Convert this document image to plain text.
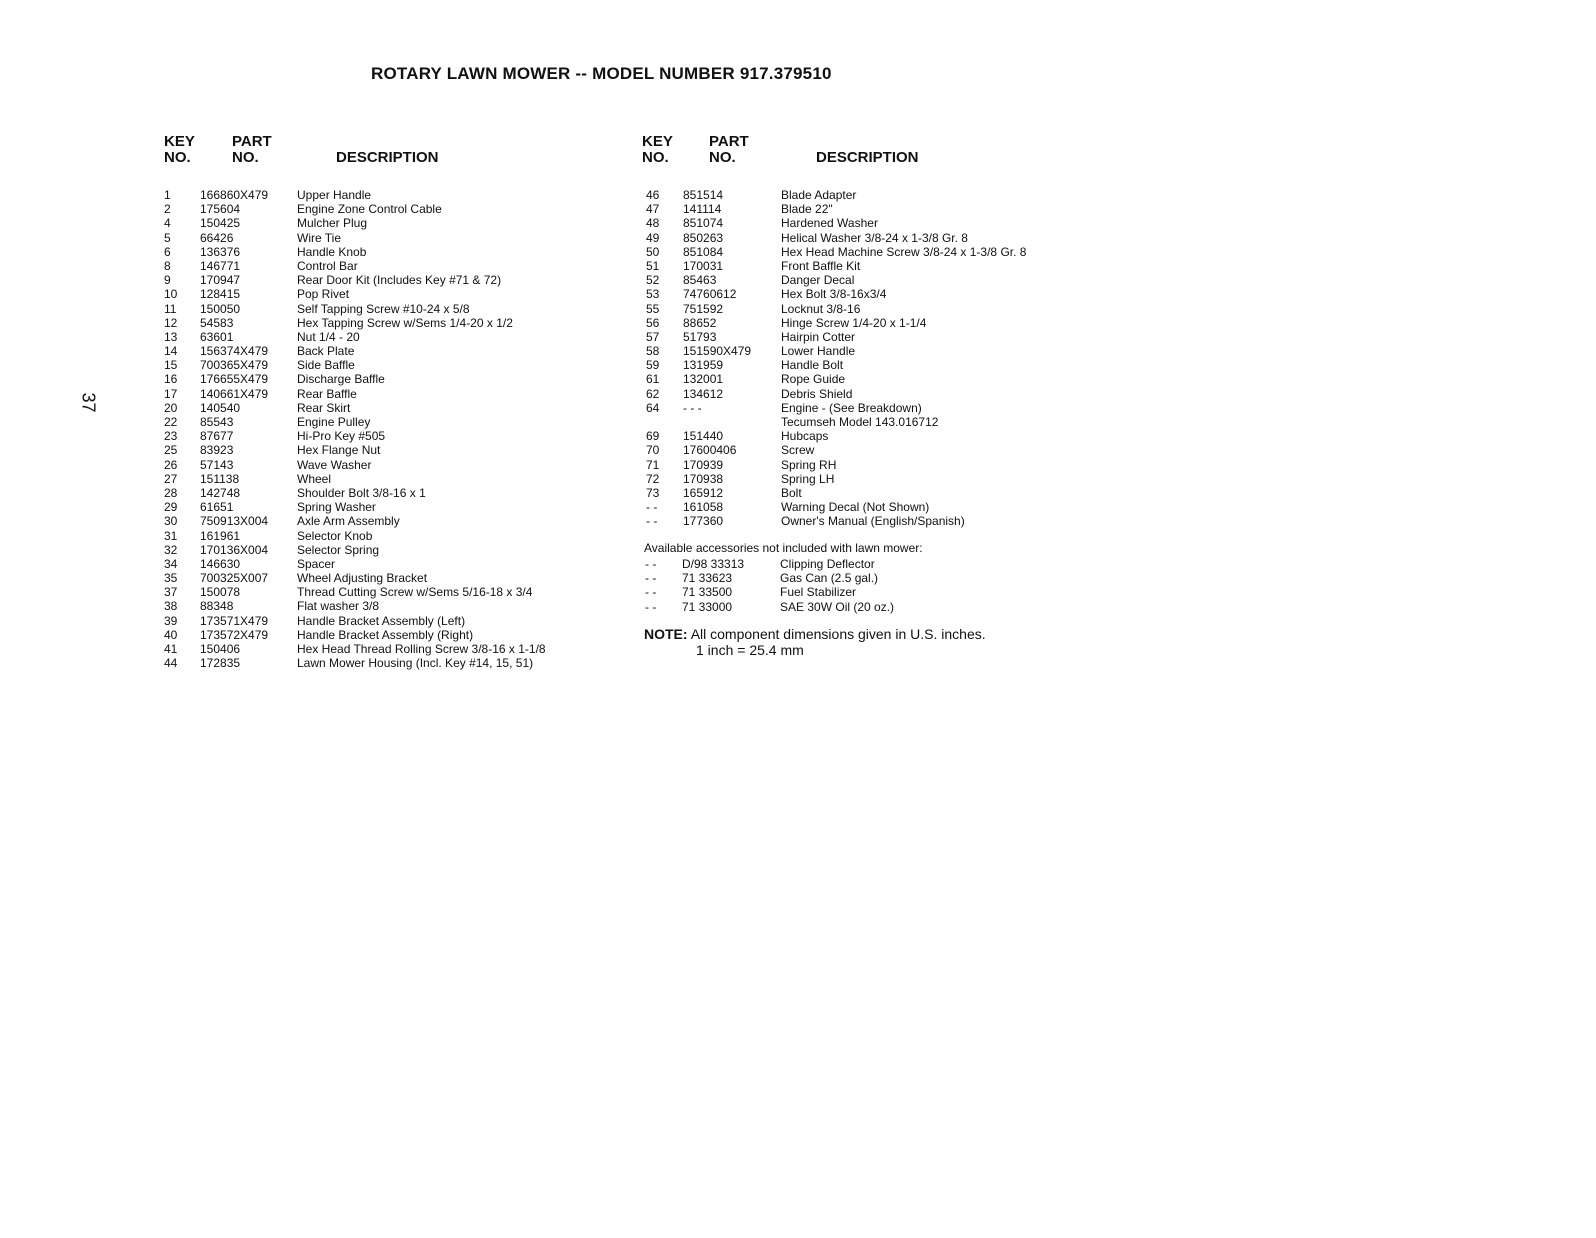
ROTARY LAWN MOWER -- MODEL NUMBER 917.379510
37
KEY
NO.
PART
NO.	DESCRIPTION
1	166860X479	Upper Handle
2	175604	Engine Zone Control Cable
4	150425	Mulcher Plug
5	66426	Wire Tie
6	136376	Handle Knob
8	146771	Control Bar
9	170947	Rear Door Kit (Includes Key #71 & 72)
10	128415	Pop Rivet
11	150050	Self Tapping Screw #10-24 x 5/8
12	54583	Hex Tapping Screw w/Sems 1/4-20 x 1/2
13	63601	Nut 1/4 - 20
14	156374X479	Back Plate
15	700365X479	Side Baffle
16	176655X479	Discharge Baffle
17	140661X479	Rear Baffle
20	140540	Rear Skirt
22	85543	Engine Pulley
23	87677	Hi-Pro Key #505
25	83923	Hex Flange Nut
26	57143	Wave Washer
27	151138	Wheel
28	142748	Shoulder Bolt 3/8-16 x 1
29	61651	Spring Washer
30	750913X004	Axle Arm Assembly
31	161961	Selector Knob
32	170136X004	Selector Spring
34	146630	Spacer
35	700325X007	Wheel Adjusting Bracket
37	150078	Thread Cutting Screw w/Sems 5/16-18 x 3/4
38	88348	Flat washer 3/8
39	173571X479	Handle Bracket Assembly (Left)
40	173572X479	Handle Bracket Assembly (Right)
41	150406	Hex Head Thread Rolling Screw 3/8-16 x 1-1/8
44	172835	Lawn Mower Housing (Incl. Key #14, 15, 51)
KEY
NO.
PART
NO.	DESCRIPTION
46	851514	Blade Adapter
47	141114	Blade 22"
48	851074	Hardened Washer
49	850263	Helical Washer 3/8-24 x 1-3/8 Gr. 8
50	851084	Hex Head Machine Screw 3/8-24 x 1-3/8 Gr. 8
51	170031	Front Baffle Kit
52	85463	Danger Decal
53	74760612	Hex Bolt 3/8-16x3/4
55	751592	Locknut 3/8-16
56	88652	Hinge Screw 1/4-20 x 1-1/4
57	51793	Hairpin Cotter
58	151590X479	Lower Handle
59	131959	Handle Bolt
61	132001	Rope Guide
62	134612	Debris Shield
64	- - -	Engine - (See Breakdown)
Tecumseh Model 143.016712
69	151440	Hubcaps
70	17600406	Screw
71	170939	Spring RH
72	170938	Spring LH
73	165912	Bolt
- -	161058	Warning Decal (Not Shown)
- -	177360	Owner's Manual (English/Spanish)
Available accessories not included with lawn mower:
- - D/98 33313	Clipping Deflector
- - 71 33623	Gas Can (2.5 gal.)
- - 71 33500	Fuel Stabilizer
- - 71 33000	SAE 30W Oil (20 oz.)
NOTE: All component dimensions given in U.S. inches.
1 inch = 25.4 mm
